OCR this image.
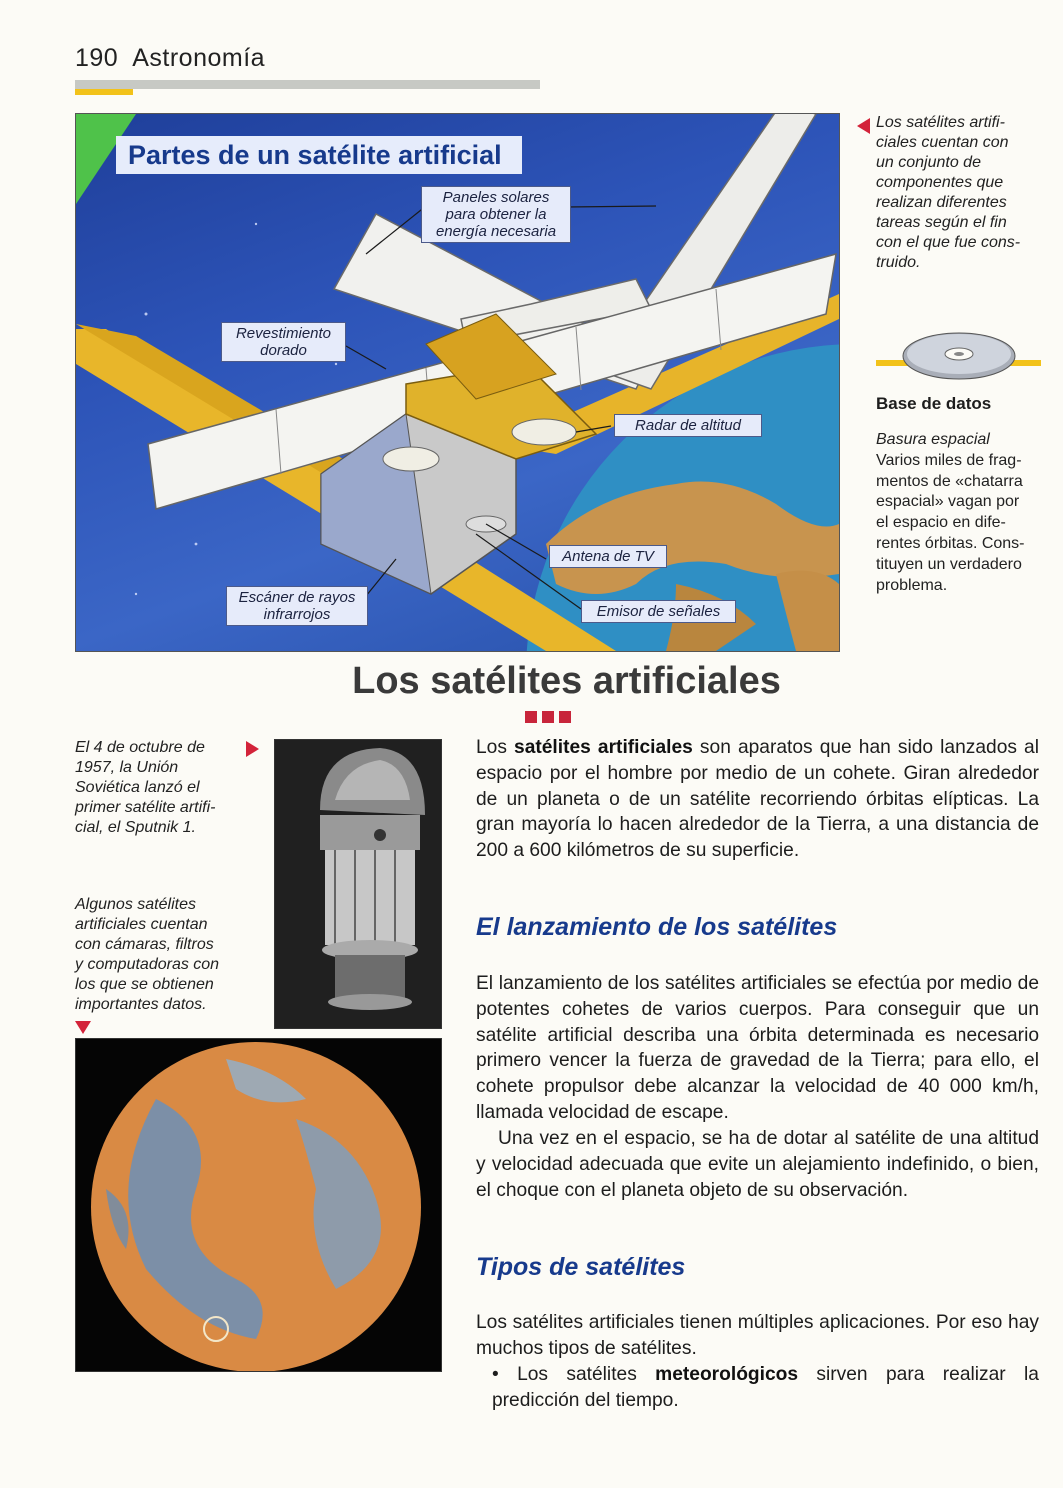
190 Astronomía
Partes de un satélite artificial
Paneles solares
para obtener la
energía necesaria
Revestimiento
dorado
Radar de altitud
Antena de TV
Escáner de rayos
infrarrojos	Emisor de señales
Los satélites artifi-
ciales cuentan con
un conjunto de
componentes que
realizan diferentes
tareas según el fin
con el que fue cons-
truido.
Base de datos
Basura espacial
Varios miles de frag-
mentos de «chatarra
espacial» vagan por
el espacio en dife-
rentes órbitas. Cons-
tituyen un verdadero
problema.
Los satélites artificiales
El 4 de octubre de
1957, la Unión
Soviética lanzó el
primer satélite artifi-
cial, el Sputnik 1.
Algunos satélites
artificiales cuentan
con cámaras, filtros
y computadoras con
los que se obtienen
importantes datos.
Los satélites artificiales son aparatos que han sido lanzados al espacio por el hombre por medio de un cohete. Giran alrededor de un planeta o de un satélite recorriendo órbitas elípticas. La gran mayoría lo hacen alrededor de la Tierra, a una distancia de 200 a 600 kilómetros de su superficie.
El lanzamiento de los satélites
El lanzamiento de los satélites artificiales se efectúa por medio de potentes cohetes de varios cuerpos. Para conseguir que un satélite artificial describa una órbita determinada es necesario primero vencer la fuerza de gravedad de la Tierra; para ello, el cohete propulsor debe alcanzar la velocidad de 40 000 km/h, llamada velocidad de escape.
Una vez en el espacio, se ha de dotar al satélite de una altitud y velocidad adecuada que evite un alejamiento indefinido, o bien, el choque con el planeta objeto de su observación.
Tipos de satélites
Los satélites artificiales tienen múltiples aplicaciones. Por eso hay muchos tipos de satélites.
• Los satélites meteorológicos sirven para realizar la predicción del tiempo.
